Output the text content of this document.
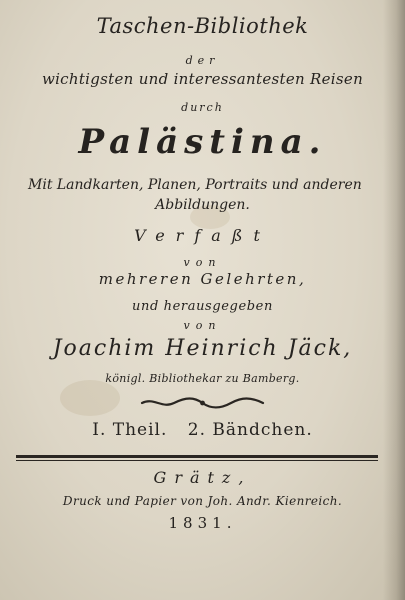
Taschen-Bibliothek
der
wichtigsten und interessantesten Reisen
durch
Palästina.
Mit Landkarten, Planen, Portraits und anderen
Abbildungen.
Verfaßt
von
mehreren Gelehrten,
und herausgegeben
von
Joachim Heinrich Jäck,
königl. Bibliothekar zu Bamberg.
I. Theil. 2. Bändchen.
Grätz,
Druck und Papier von Joh. Andr. Kienreich.
1831.
